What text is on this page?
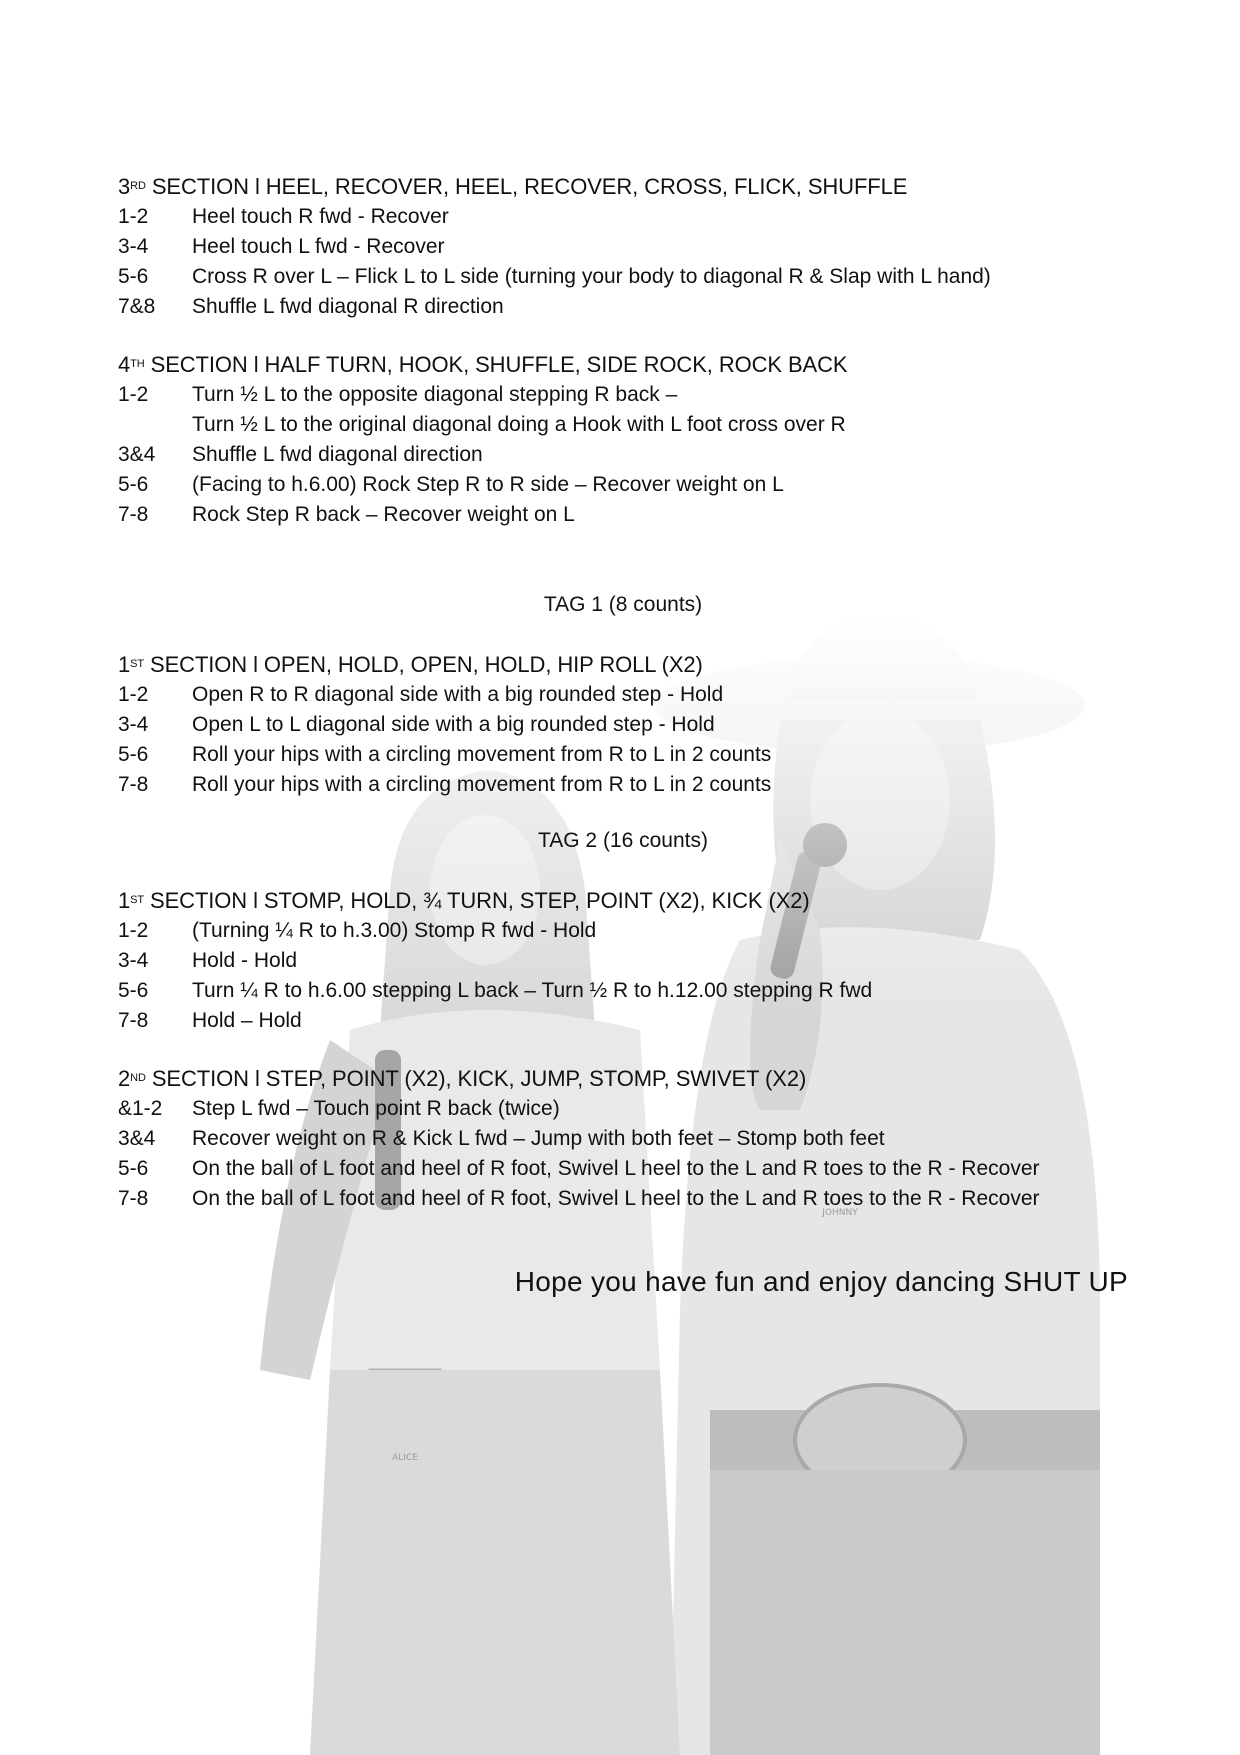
3RD SECTION l HEEL, RECOVER, HEEL, RECOVER, CROSS, FLICK, SHUFFLE

1-2	Heel touch R fwd - Recover
3-4	Heel touch L fwd - Recover
5-6	Cross R over L – Flick L to L side (turning your body to diagonal R & Slap with L hand)
7&8	Shuffle L fwd diagonal R direction

4TH SECTION l HALF TURN, HOOK, SHUFFLE, SIDE ROCK, ROCK BACK

1-2	Turn ½ L to the opposite diagonal stepping R back –
Turn ½ L to the original diagonal doing a Hook with L foot cross over R
3&4	Shuffle L fwd diagonal direction
5-6	(Facing to h.6.00) Rock Step R to R side – Recover weight on L
7-8	Rock Step R back – Recover weight on L

TAG 1 (8 counts)

1ST SECTION l OPEN, HOLD, OPEN, HOLD, HIP ROLL (X2)

1-2	Open R to R diagonal side with a big rounded step - Hold
3-4	Open L to L diagonal side with a big rounded step - Hold
5-6	Roll your hips with a circling movement from R to L in 2 counts
7-8	Roll your hips with a circling movement from R to L in 2 counts

TAG 2 (16 counts)

1ST SECTION l STOMP, HOLD, ¾ TURN, STEP, POINT (X2), KICK (X2)

1-2	(Turning ¼ R to h.3.00) Stomp R fwd - Hold
3-4	Hold - Hold
5-6	Turn ¼ R to h.6.00 stepping L back – Turn ½ R to h.12.00 stepping R fwd
7-8	Hold – Hold

2ND SECTION l STEP, POINT (X2), KICK, JUMP, STOMP, SWIVET (X2)

&1-2	Step L fwd – Touch point R back (twice)
3&4	Recover weight on R & Kick L fwd – Jump with both feet – Stomp both feet
5-6	On the ball of L foot and heel of R foot, Swivel L heel to the L and R toes to the R - Recover
7-8	On the ball of L foot and heel of R foot, Swivel L heel to the L and R toes to the R - Recover

Hope you have fun and enjoy dancing SHUT UP
